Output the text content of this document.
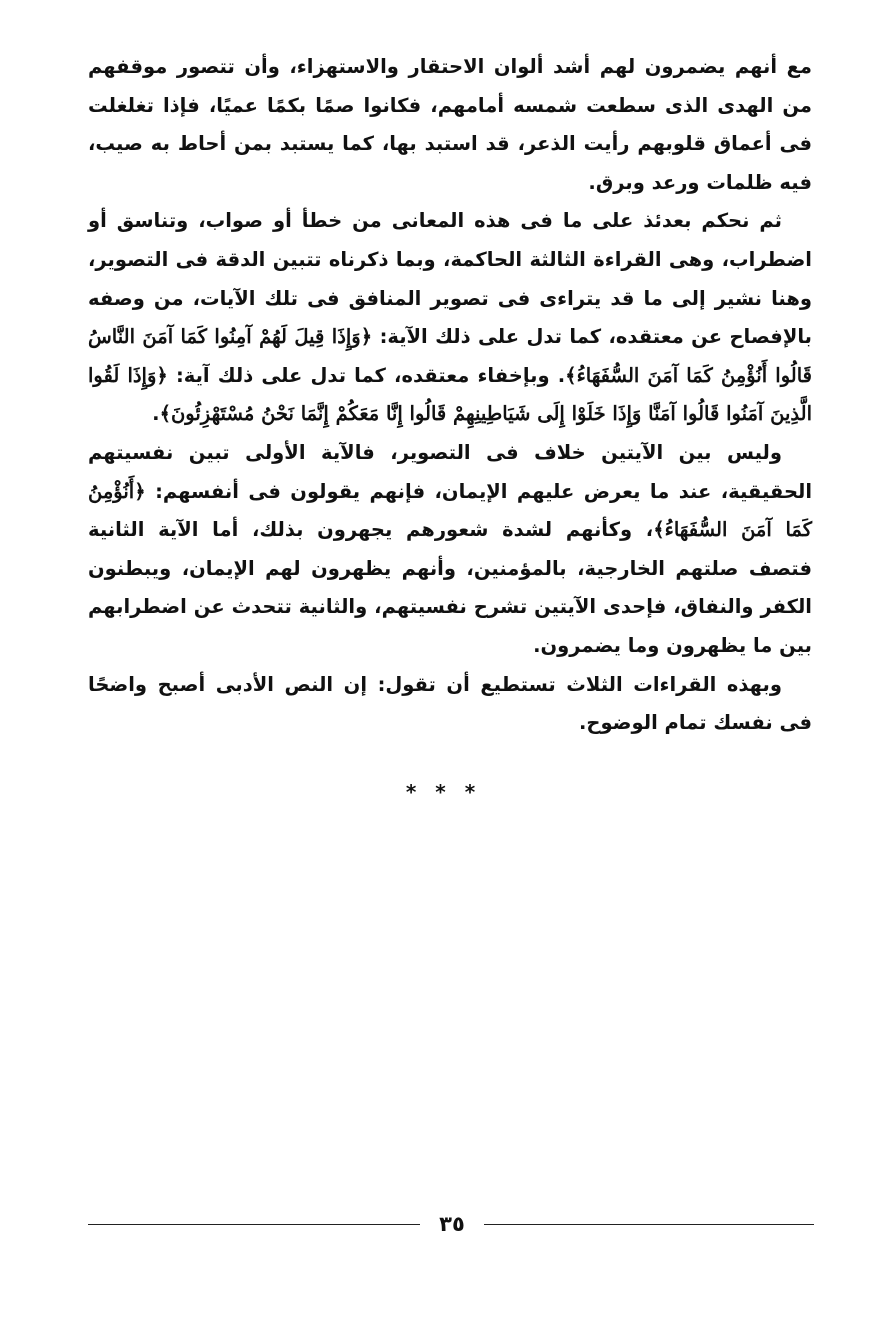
مع أنهم يضمرون لهم أشد ألوان الاحتقار والاستهزاء، وأن تتصور موقفهم من الهدى الذى سطعت شمسه أمامهم، فكانوا صمًا بكمًا عميًا، فإذا تغلغلت فى أعماق قلوبهم رأيت الذعر، قد استبد بها، كما يستبد بمن أحاط به صيب، فيه ظلمات ورعد وبرق.

ثم نحكم بعدئذ على ما فى هذه المعانى من خطأ أو صواب، وتناسق أو اضطراب، وهى القراءة الثالثة الحاكمة، وبما ذكرناه تتبين الدقة فى التصوير، وهنا نشير إلى ما قد يتراءى فى تصوير المنافق فى تلك الآيات، من وصفه بالإفصاح عن معتقده، كما تدل على ذلك الآية: ﴿وَإِذَا قِيلَ لَهُمْ آمِنُوا كَمَا آمَنَ النَّاسُ قَالُوا أَنُؤْمِنُ كَمَا آمَنَ السُّفَهَاءُ﴾. وبإخفاء معتقده، كما تدل على ذلك آية: ﴿وَإِذَا لَقُوا الَّذِينَ آمَنُوا قَالُوا آمَنَّا وَإِذَا خَلَوْا إِلَى شَيَاطِينِهِمْ قَالُوا إِنَّا مَعَكُمْ إِنَّمَا نَحْنُ مُسْتَهْزِئُونَ﴾.

وليس بين الآيتين خلاف فى التصوير، فالآية الأولى تبين نفسيتهم الحقيقية، عند ما يعرض عليهم الإيمان، فإنهم يقولون فى أنفسهم: ﴿أَنُؤْمِنُ كَمَا آمَنَ السُّفَهَاءُ﴾، وكأنهم لشدة شعورهم يجهرون بذلك، أما الآية الثانية فتصف صلتهم الخارجية، بالمؤمنين، وأنهم يظهرون لهم الإيمان، ويبطنون الكفر والنفاق، فإحدى الآيتين تشرح نفسيتهم، والثانية تتحدث عن اضطرابهم بين ما يظهرون وما يضمرون.

وبهذه القراءات الثلاث تستطيع أن تقول: إن النص الأدبى أصبح واضحًا فى نفسك تمام الوضوح.

* * *
٣٥
